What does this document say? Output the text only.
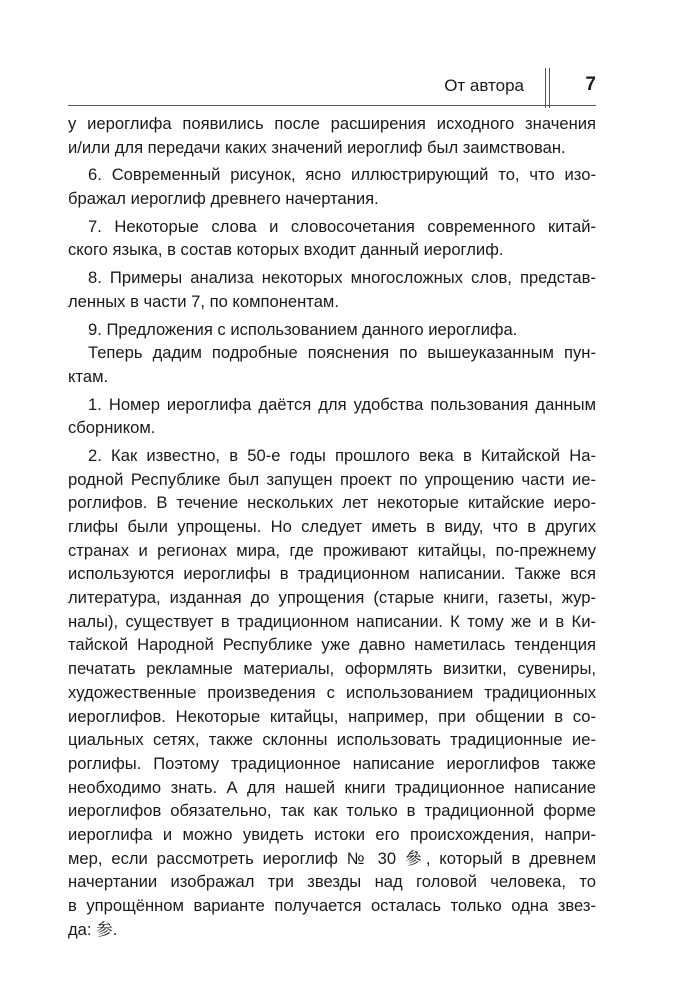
От автора	7
у иероглифа появились после расширения исходного значения
и/или для передачи каких значений иероглиф был заимствован.
6. Современный рисунок, ясно иллюстрирующий то, что изо-
бражал иероглиф древнего начертания.
7. Некоторые слова и словосочетания современного китай-
ского языка, в состав которых входит данный иероглиф.
8. Примеры анализа некоторых многосложных слов, представ-
ленных в части 7, по компонентам.
9. Предложения с использованием данного иероглифа.
Теперь дадим подробные пояснения по вышеуказанным пун-
ктам.
1. Номер иероглифа даётся для удобства пользования данным
сборником.
2. Как известно, в 50-е годы прошлого века в Китайской На-
родной Республике был запущен проект по упрощению части ие-
роглифов. В течение нескольких лет некоторые китайские иеро-
глифы были упрощены. Но следует иметь в виду, что в других
странах и регионах мира, где проживают китайцы, по-прежнему
используются иероглифы в традиционном написании. Также вся
литература, изданная до упрощения (старые книги, газеты, жур-
налы), существует в традиционном написании. К тому же и в Ки-
тайской Народной Республике уже давно наметилась тенденция
печатать рекламные материалы, оформлять визитки, сувениры,
художественные произведения с использованием традиционных
иероглифов. Некоторые китайцы, например, при общении в со-
циальных сетях, также склонны использовать традиционные ие-
роглифы. Поэтому традиционное написание иероглифов также
необходимо знать. А для нашей книги традиционное написание
иероглифов обязательно, так как только в традиционной форме
иероглифа и можно увидеть истоки его происхождения, напри-
мер, если рассмотреть иероглиф № 30 參, который в древнем
начертании изображал три звезды над головой человека, то
в упрощённом варианте получается осталась только одна звез-
да: 参.
